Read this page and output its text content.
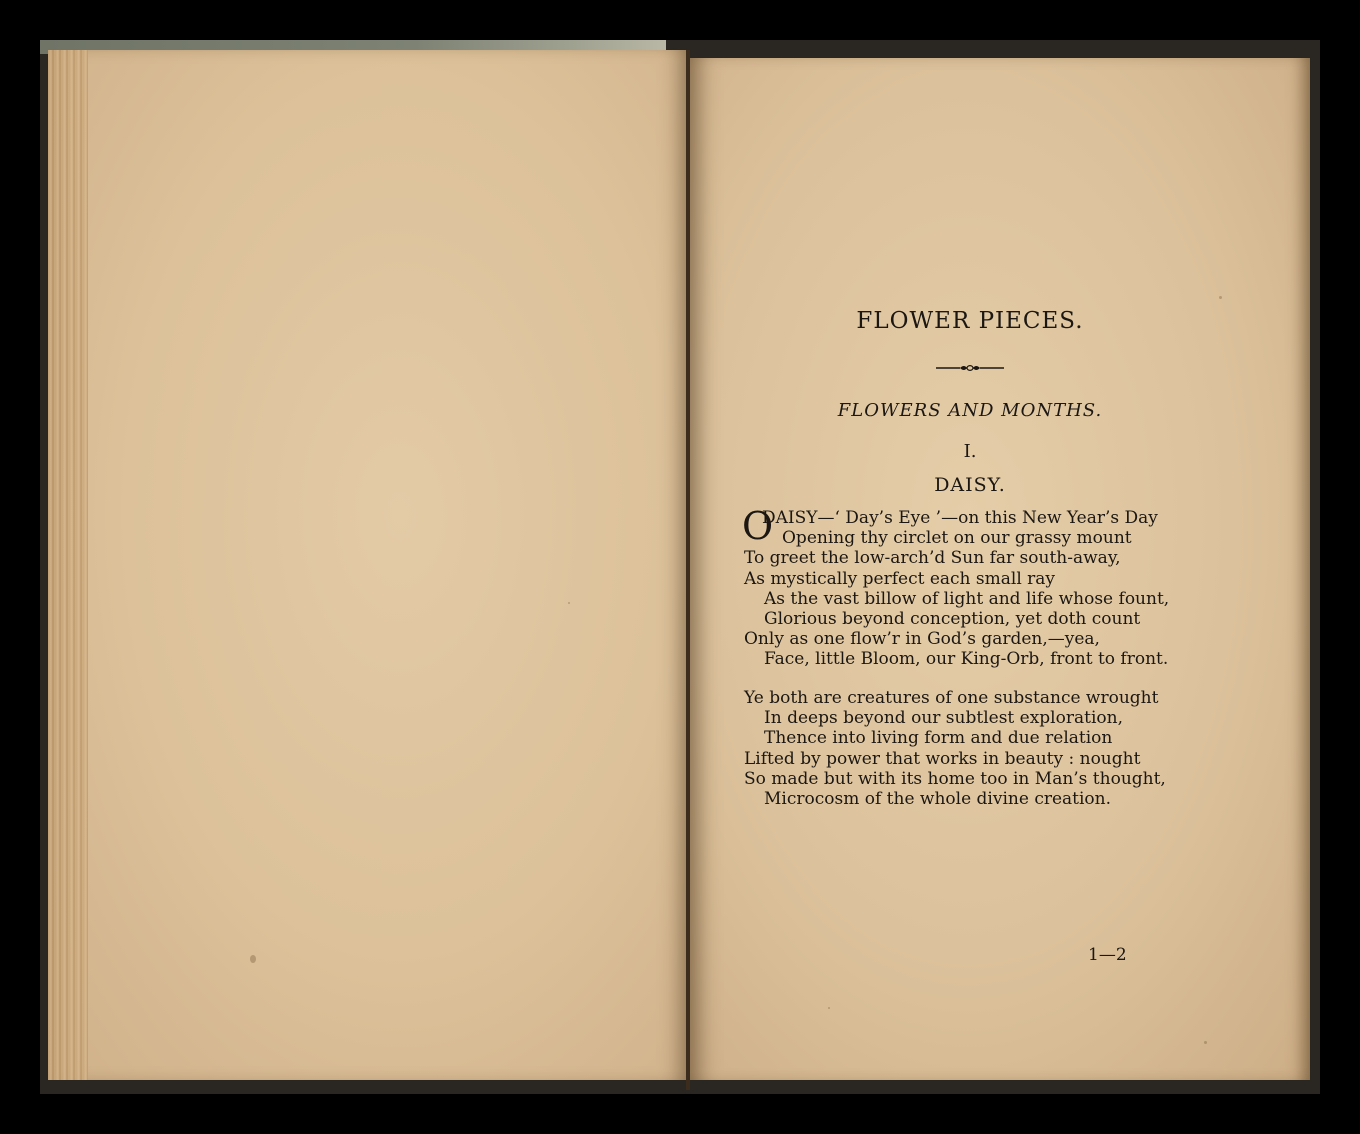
FLOWER PIECES.
FLOWERS AND MONTHS.
I.
DAISY.
O
DAISY—‘ Day’s Eye ’—on this New Year’s Day
Opening thy circlet on our grassy mount
To greet the low-arch’d Sun far south-away,
As mystically perfect each small ray
As the vast billow of light and life whose fount,
Glorious beyond conception, yet doth count
Only as one flow’r in God’s garden,—yea,
Face, little Bloom, our King-Orb, front to front.
Ye both are creatures of one substance wrought
In deeps beyond our subtlest exploration,
Thence into living form and due relation
Lifted by power that works in beauty : nought
So made but with its home too in Man’s thought,
Microcosm of the whole divine creation.
1—2
